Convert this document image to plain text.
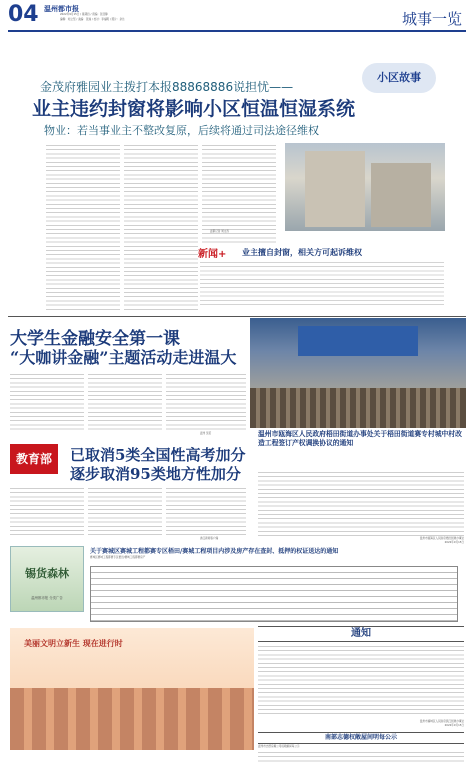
04 温州都市报
2022年9月15日 / 星期四 / 责编：张佳静
编辑：刘立坚 / 美编：张瑜 / 校对：李福明 / 照片：余达	城事一览
金茂府雅园业主拨打本报88868886说担忧——
小区故事
业主违约封窗将影响小区恒温恒湿系统
物业：若当事业主不整改复原，后续将通过司法途径维权
新闻+ 业主擅自封窗，相关方可起诉维权
温都记者 周文涛
大学生金融安全第一课
“大咖讲金融”主题活动走进温大
温州 吴若
教育部	已取消5类全国性高考加分
逐步取消95类地方性加分
浙江新闻客户端
温州市瓯海区人民政府梧田街道办事处关于梧田街道赛专村城中村改造工程签订产权调换协议的通知
温州市瓯海区人民政府梧田街道办事处
2022年9月15日
锡货森林
温州都市报 分类广告
关于赛城区赛城工程都赛专区梧田/赛城工程项目内涉及房产存在查封、抵押的权证送达的通知
赛城区赛城工程都赛专区梧田/赛城工程都赛房产
美丽文明立新生 现在进行时
通知
温州市鹿城区人民政府滨江街道办事处
2022年9月15日
南部志德权敞屋间明每公示
温州市志德房屋公司权敞屋间每公示
